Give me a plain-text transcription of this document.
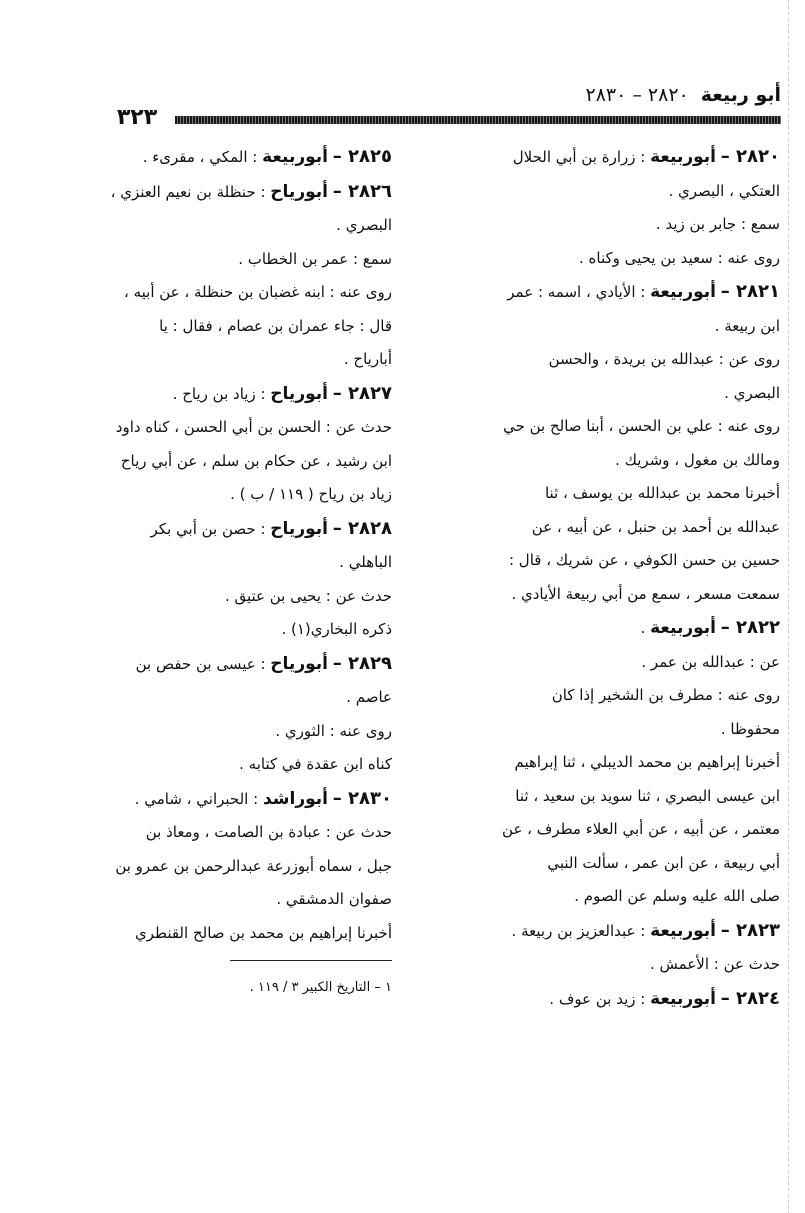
أبو ربيعة٢٨٢٠ – ٢٨٣٠
٣٢٣
٢٨٢٠ – أبوربيعة : زرارة بن أبي الحلال
العتكي ، البصري .
سمع : جابر بن زيد .
روى عنه : سعيد بن يحيى وكناه .
٢٨٢١ – أبوربيعة : الأيادي ، اسمه : عمر
ابن ربيعة .
روى عن : عبدالله بن بريدة ، والحسن
البصري .
روى عنه : علي بن الحسن ، أبنا صالح بن حي
ومالك بن مغول ، وشريك .
أخبرنا محمد بن عبدالله بن يوسف ، ثنا
عبدالله بن أحمد بن حنبل ، عن أبيه ، عن
حسين بن حسن الكوفي ، عن شريك ، قال :
سمعت مسعر ، سمع من أبي ربيعة الأيادي .
٢٨٢٢ – أبوربيعة .
عن : عبدالله بن عمر .
روى عنه : مطرف بن الشخير إذا كان
محفوظا .
أخبرنا إبراهيم بن محمد الديبلي ، ثنا إبراهيم
ابن عيسى البصري ، ثنا سويد بن سعيد ، ثنا
معتمر ، عن أبيه ، عن أبي العلاء مطرف ، عن
أبي ربيعة ، عن ابن عمر ، سألت النبي
صلى الله عليه وسلم عن الصوم .
٢٨٢٣ – أبوربيعة : عبدالعزيز بن ربيعة .
حدث عن : الأعمش .
٢٨٢٤ – أبوربيعة : زيد بن عوف .
٢٨٢٥ – أبوربيعة : المكي ، مقرىء .
٢٨٢٦ – أبورياح : حنظلة بن نعيم العنزي ،
البصري .
سمع : عمر بن الخطاب .
روى عنه : ابنه غضبان بن حنظلة ، عن أبيه ،
قال : جاء عمران بن عصام ، فقال : يا
أبارياح .
٢٨٢٧ – أبورياح : زياد بن رياح .
حدث عن : الحسن بن أبي الحسن ، كناه داود
ابن رشيد ، عن حكام بن سلم ، عن أبي رياح
زياد بن رياح ( ١١٩ / ب ) .
٢٨٢٨ – أبورياح : حصن بن أبي بكر
الباهلي .
حدث عن : يحيى بن عتيق .
ذكره البخاري(١) .
٢٨٢٩ – أبورياح : عيسى بن حفص بن
عاصم .
روى عنه : الثوري .
كناه ابن عقدة في كتابه .
٢٨٣٠ – أبوراشد : الحبراني ، شامي .
حدث عن : عبادة بن الصامت ، ومعاذ بن
جبل ، سماه أبوزرعة عبدالرحمن بن عمرو بن
صفوان الدمشقي .
أخبرنا إبراهيم بن محمد بن صالح القنطري
١ – التاريخ الكبير ٣ / ١١٩ .
